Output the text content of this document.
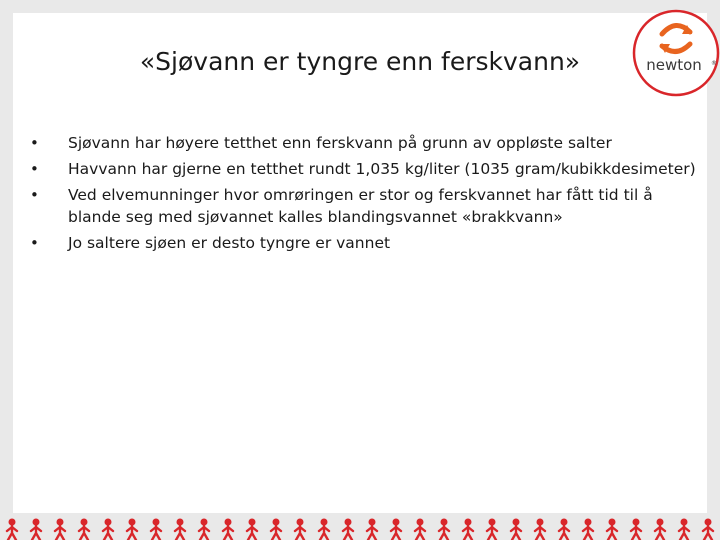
«Sjøvann er tyngre enn ferskvann»	newton ®
• Sjøvann har høyere tetthet enn ferskvann på grunn av oppløste salter
• Havvann har gjerne en tetthet rundt 1,035 kg/liter (1035 gram/kubikkdesimeter)
• Ved elvemunninger hvor omrøringen er stor og ferskvannet har fått tid til å blande seg med sjøvannet kalles blandingsvannet «brakkvann»
• Jo saltere sjøen er desto tyngre er vannet
